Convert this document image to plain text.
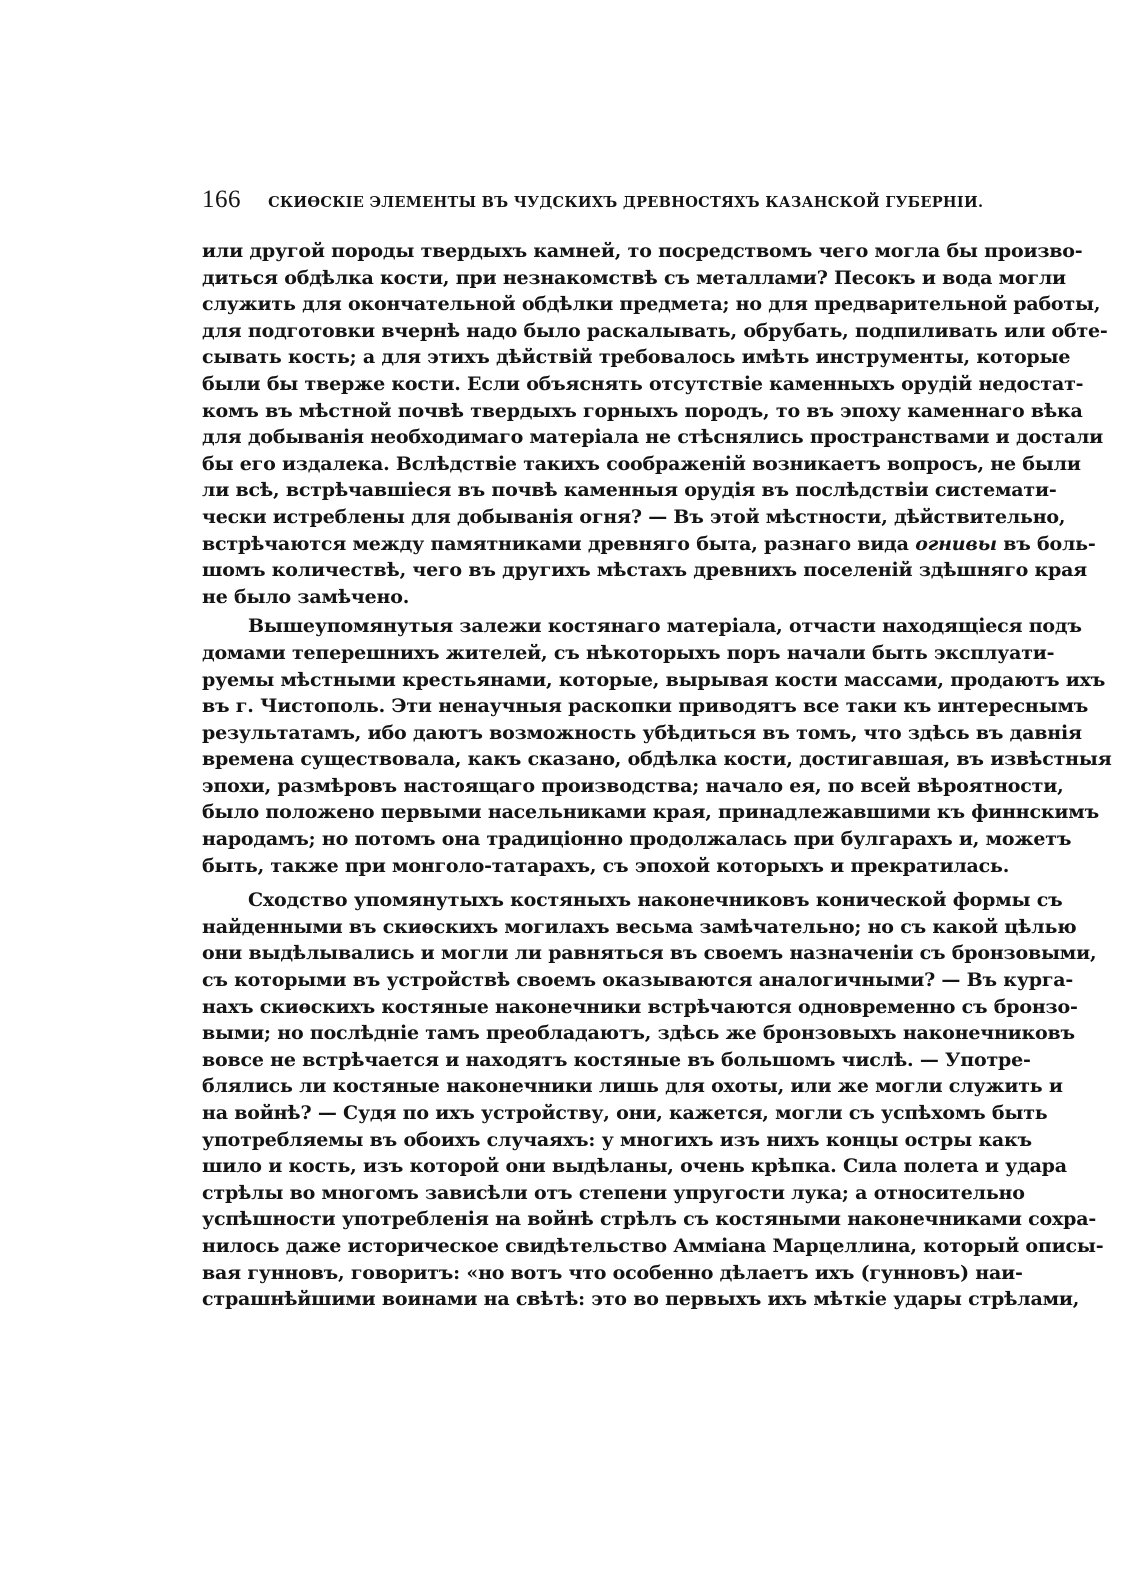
166 СКИѲСКІЕ ЭЛЕМЕНТЫ ВЪ ЧУДСКИХЪ ДРЕВНОСТЯХЪ КАЗАНСКОЙ ГУБЕРНІИ.
или другой породы твердыхъ камней, то посредствомъ чего могла бы произво-
диться обдѣлка кости, при незнакомствѣ съ металлами? Песокъ и вода могли
служить для окончательной обдѣлки предмета; но для предварительной работы,
для подготовки вчернѣ надо было раскалывать, обрубать, подпиливать или обте-
сывать кость; а для этихъ дѣйствій требовалось имѣть инструменты, которые
были бы тверже кости. Если объяснять отсутствіе каменныхъ орудій недостат-
комъ въ мѣстной почвѣ твердыхъ горныхъ породъ, то въ эпоху каменнаго вѣка
для добыванія необходимаго матеріала не стѣснялись пространствами и достали
бы его издалека. Вслѣдствіе такихъ соображеній возникаетъ вопросъ, не были
ли всѣ, встрѣчавшіеся въ почвѣ каменныя орудія въ послѣдствіи системати-
чески истреблены для добыванія огня? — Въ этой мѣстности, дѣйствительно,
встрѣчаются между памятниками древняго быта, разнаго вида огнивы въ боль-
шомъ количествѣ, чего въ другихъ мѣстахъ древнихъ поселеній здѣшняго края
не было замѣчено.
Вышеупомянутыя залежи костянаго матеріала, отчасти находящіеся подъ
домами теперешнихъ жителей, съ нѣкоторыхъ поръ начали быть эксплуати-
руемы мѣстными крестьянами, которые, вырывая кости массами, продаютъ ихъ
въ г. Чистополь. Эти ненаучныя раскопки приводятъ все таки къ интереснымъ
результатамъ, ибо даютъ возможность убѣдиться въ томъ, что здѣсь въ давнія
времена существовала, какъ сказано, обдѣлка кости, достигавшая, въ извѣстныя
эпохи, размѣровъ настоящаго производства; начало ея, по всей вѣроятности,
было положено первыми насельниками края, принадлежавшими къ финнскимъ
народамъ; но потомъ она традиціонно продолжалась при булгарахъ и, можетъ
быть, также при монголо-татарахъ, съ эпохой которыхъ и прекратилась.
Сходство упомянутыхъ костяныхъ наконечниковъ конической формы съ
найденными въ скиѳскихъ могилахъ весьма замѣчательно; но съ какой цѣлью
они выдѣлывались и могли ли равняться въ своемъ назначеніи съ бронзовыми,
съ которыми въ устройствѣ своемъ оказываются аналогичными? — Въ курга-
нахъ скиѳскихъ костяные наконечники встрѣчаются одновременно съ бронзо-
выми; но послѣдніе тамъ преобладаютъ, здѣсь же бронзовыхъ наконечниковъ
вовсе не встрѣчается и находятъ костяные въ большомъ числѣ. — Употре-
блялись ли костяные наконечники лишь для охоты, или же могли служить и
на войнѣ? — Судя по ихъ устройству, они, кажется, могли съ успѣхомъ быть
употребляемы въ обоихъ случаяхъ: у многихъ изъ нихъ концы остры какъ
шило и кость, изъ которой они выдѣланы, очень крѣпка. Сила полета и удара
стрѣлы во многомъ зависѣли отъ степени упругости лука; а относительно
успѣшности употребленія на войнѣ стрѣлъ съ костяными наконечниками сохра-
нилось даже историческое свидѣтельство Амміана Марцеллина, который описы-
вая гунновъ, говоритъ: «но вотъ что особенно дѣлаетъ ихъ (гунновъ) наи-
страшнѣйшими воинами на свѣтѣ: это во первыхъ ихъ мѣткіе удары стрѣлами,
